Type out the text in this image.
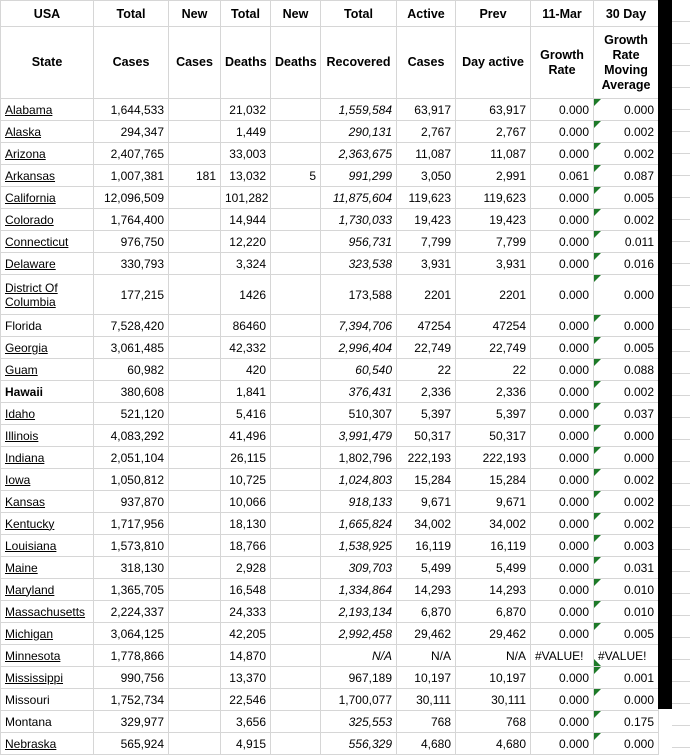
USA	Total	New	Total	New	Total	Active	Prev	11-Mar	30 Day
State	Cases	Cases	Deaths	Deaths	Recovered	Cases	Day active	Growth Rate	Growth Rate Moving Average
Alabama	1,644,533		21,032		1,559,584	63,917	63,917	0.000	0.000
Alaska	294,347		1,449		290,131	2,767	2,767	0.000	0.002
Arizona	2,407,765		33,003		2,363,675	11,087	11,087	0.000	0.002
Arkansas	1,007,381	181	13,032	5	991,299	3,050	2,991	0.061	0.087
California	12,096,509		101,282		11,875,604	119,623	119,623	0.000	0.005
Colorado	1,764,400		14,944		1,730,033	19,423	19,423	0.000	0.002
Connecticut	976,750		12,220		956,731	7,799	7,799	0.000	0.011
Delaware	330,793		3,324		323,538	3,931	3,931	0.000	0.016
District Of Columbia	177,215		1426		173,588	2201	2201	0.000	0.000
Florida	7,528,420		86460		7,394,706	47254	47254	0.000	0.000
Georgia	3,061,485		42,332		2,996,404	22,749	22,749	0.000	0.005
Guam	60,982		420		60,540	22	22	0.000	0.088
Hawaii	380,608		1,841		376,431	2,336	2,336	0.000	0.002
Idaho	521,120		5,416		510,307	5,397	5,397	0.000	0.037
Illinois	4,083,292		41,496		3,991,479	50,317	50,317	0.000	0.000
Indiana	2,051,104		26,115		1,802,796	222,193	222,193	0.000	0.000
Iowa	1,050,812		10,725		1,024,803	15,284	15,284	0.000	0.002
Kansas	937,870		10,066		918,133	9,671	9,671	0.000	0.002
Kentucky	1,717,956		18,130		1,665,824	34,002	34,002	0.000	0.002
Louisiana	1,573,810		18,766		1,538,925	16,119	16,119	0.000	0.003
Maine	318,130		2,928		309,703	5,499	5,499	0.000	0.031
Maryland	1,365,705		16,548		1,334,864	14,293	14,293	0.000	0.010
Massachusetts	2,224,337		24,333		2,193,134	6,870	6,870	0.000	0.010
Michigan	3,064,125		42,205		2,992,458	29,462	29,462	0.000	0.005
Minnesota	1,778,866		14,870		N/A	N/A	N/A	#VALUE!	#VALUE!
Mississippi	990,756		13,370		967,189	10,197	10,197	0.000	0.001
Missouri	1,752,734		22,546		1,700,077	30,111	30,111	0.000	0.000
Montana	329,977		3,656		325,553	768	768	0.000	0.175
Nebraska	565,924		4,915		556,329	4,680	4,680	0.000	0.000
